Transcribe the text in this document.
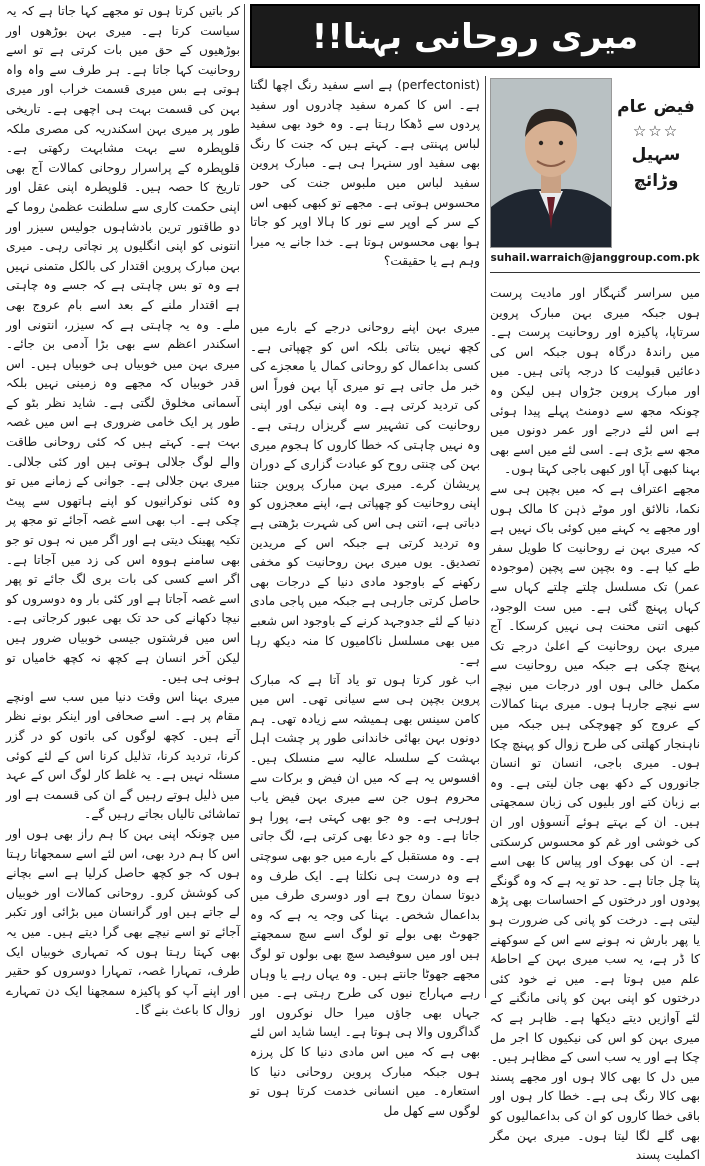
میری روحانی بہنا!!
فیض عام
☆☆☆
سہیل وڑائچ
suhail.warraich@janggroup.com.pk

میں سراسر گنہگار اور مادیت پرست ہوں جبکہ میری بہن مبارک پروین سرتاپا، پاکیزہ اور روحانیت پرست ہے۔ میں راندۂ درگاہ ہوں جبکہ اس کی دعائیں قبولیت کا درجہ پاتی ہیں۔ میں اور مبارک پروین جڑواں ہیں لیکن وہ چونکہ مجھ سے دومنٹ پہلے پیدا ہوئی ہے اس لئے درجے اور عمر دونوں میں مجھ سے بڑی ہے۔ اسی لئے میں اسے بھی بہنا کبھی آپا اور کبھی باجی کہتا ہوں۔

مجھے اعتراف ہے کہ میں بچپن ہی سے نکما، نالائق اور موٹے ذہن کا مالک ہوں اور مجھے یہ کہنے میں کوئی باک نہیں ہے کہ میری بہن نے روحانیت کا طویل سفر طے کیا ہے۔ وہ بچپن سے پچپن (موجودہ عمر) تک مسلسل چلتے چلتے کہاں سے کہاں پہنچ گئی ہے۔ میں ست الوجود، کبھی اتنی محنت ہی نہیں کرسکا۔ آج میری بہن روحانیت کے اعلیٰ درجے تک پہنچ چکی ہے جبکہ میں روحانیت سے مکمل خالی ہوں اور درجات میں نیچے سے نیچے جارہا ہوں۔ میری بہنا کمالات کے عروج کو چھوچکی ہیں جبکہ میں ناہنجار کھلتی کی طرح زوال کو پہنچ چکا ہوں۔ میری باجی، انسان تو انسان جانوروں کے دکھ بھی جان لیتی ہے۔ وہ بے زبان کتے اور بلیوں کی زبان سمجھتی ہیں۔ ان کے بہتے ہوئے آنسوؤں اور ان کی خوشی اور غم کو محسوس کرسکتی ہے۔ ان کی بھوک اور پیاس کا بھی اسے پتا چل جاتا ہے۔ حد تو یہ ہے کہ وہ گونگے پودوں اور درختوں کے احساسات بھی پڑھ لیتی ہے۔ درخت کو پانی کی ضرورت ہو یا پھر بارش نہ ہونے سے اس کے سوکھنے کا ڈر ہے، یہ سب میری بہن کے احاطۂ علم میں ہوتا ہے۔ میں نے خود کئی درختوں کو اپنی بہن کو پانی مانگنے کے لئے آوازیں دیتے دیکھا ہے۔ ظاہر ہے کہ میری بہن کو اس کی نیکیوں کا اجر مل چکا ہے اور یہ سب اسی کے مظاہر ہیں۔

میں دل کا بھی کالا ہوں اور مجھے پسند بھی کالا رنگ ہی ہے۔ خطا کار ہوں اور باقی خطا کاروں کو ان کی بداعمالیوں کو بھی گلے لگا لیتا ہوں۔ میری بہن مگر اکملیت پسند

(perfectonist) ہے اسے سفید رنگ اچھا لگتا ہے۔ اس کا کمرہ سفید چادروں اور سفید پردوں سے ڈھکا رہتا ہے۔ وہ خود بھی سفید لباس پہنتی ہے۔ کہتے ہیں کہ جنت کا رنگ بھی سفید اور سنہرا ہی ہے۔ مبارک پروین سفید لباس میں ملبوس جنت کی حور محسوس ہوتی ہے۔ مجھے تو کبھی کبھی اس کے سر کے اوپر سے نور کا ہالا اوپر کو جاتا ہوا بھی محسوس ہوتا ہے۔ خدا جانے یہ میرا وہم ہے یا حقیقت؟

میری بہن اپنے روحانی درجے کے بارے میں کچھ نہیں بتاتی بلکہ اس کو چھپاتی ہے۔ کسی بداعمال کو روحانی کمال یا معجزے کی خبر مل جاتی ہے تو میری آپا بہن فوراً اس کی تردید کرتی ہے۔ وہ اپنی نیکی اور اپنی روحانیت کی تشہیر سے گریزاں رہتی ہے۔ وہ نہیں چاہتی کہ خطا کاروں کا ہجوم میری بہن کی چنتی روح کو عبادت گزاری کے دوران پریشان کرے۔ میری بہن مبارک پروین جتنا اپنی روحانیت کو چھپاتی ہے، اپنے معجزوں کو دباتی ہے، اتنی ہی اس کی شہرت بڑھتی ہے وہ تردید کرتی ہے جبکہ اس کے مریدین تصدیق۔ یوں میری بہن روحانیت کو مخفی رکھنے کے باوجود مادی دنیا کے درجات بھی حاصل کرتی جارہی ہے جبکہ میں پاجی مادی دنیا کے لئے جدوجہد کرنے کے باوجود اس شعبے میں بھی مسلسل ناکامیوں کا منہ دیکھ رہا ہے۔

اب غور کرتا ہوں تو یاد آتا ہے کہ مبارک پروین بچپن ہی سے سیانی تھی۔ اس میں کامن سینس بھی ہمیشہ سے زیادہ تھی۔ ہم دونوں بہن بھائی خاندانی طور پر چشت اہل بہشت کے سلسلہ عالیہ سے منسلک ہیں۔ افسوس یہ ہے کہ میں ان فیض و برکات سے محروم ہوں جن سے میری بہن فیض یاب ہورہی ہے۔ وہ جو بھی کہتی ہے، پورا ہو جاتا ہے۔ وہ جو دعا بھی کرتی ہے، لگ جاتی ہے۔ وہ مستقبل کے بارے میں جو بھی سوچتی ہے وہ درست ہی نکلتا ہے۔ ایک طرف وہ دیوتا سمان روح ہے اور دوسری طرف میں بداعمال شخص۔ بہنا کی وجہ یہ ہے کہ وہ جھوٹ بھی بولے تو لوگ اسے سچ سمجھتے ہیں اور میں سوفیصد سچ بھی بولوں تو لوگ مجھے جھوٹا جانتے ہیں۔ وہ یہاں رہے یا وہاں رہے مہاراج نیوں کی طرح رہتی ہے۔ میں جہاں بھی جاؤں میرا حال نوکروں اور گداگروں والا ہی ہوتا ہے۔ ایسا شاید اس لئے بھی ہے کہ میں اس مادی دنیا کا کل پرزہ ہوں جبکہ مبارک پروین روحانی دنیا کا استعارہ۔ میں انسانی خدمت کرتا ہوں تو لوگوں سے کھل مل

کر باتیں کرتا ہوں تو مجھے کہا جاتا ہے کہ یہ سیاست کرتا ہے۔ میری بہن بوڑھوں اور بوڑھیوں کے حق میں بات کرتی ہے تو اسے روحانیت کہا جاتا ہے۔ ہر طرف سے واہ واہ ہوتی ہے بس میری قسمت خراب اور میری بہن کی قسمت بہت ہی اچھی ہے۔ تاریخی طور پر میری بہن اسکندریہ کی مصری ملکہ قلوپطرہ سے بہت مشابہت رکھتی ہے۔ قلوپطرہ کے پراسرار روحانی کمالات آج بھی تاریخ کا حصہ ہیں۔ قلوپطرہ اپنی عقل اور اپنی حکمت کاری سے سلطنت عظمیٰ روما کے دو طاقتور ترین بادشاہوں جولیس سیزر اور انتونی کو اپنی انگلیوں پر نچاتی رہی۔ میری بہن مبارک پروین اقتدار کی بالکل متمنی نہیں ہے وہ تو بس چاہتی ہے کہ جسے وہ چاہتی ہے اقتدار ملنے کے بعد اسے بام عروج بھی ملے۔ وہ یہ چاہتی ہے کہ سیزر، انتونی اور اسکندر اعظم سے بھی بڑا آدمی بن جائے۔ میری بہن میں خوبیاں ہی خوبیاں ہیں۔ اس قدر خوبیاں کہ مجھے وہ زمینی نہیں بلکہ آسمانی مخلوق لگتی ہے۔ شاید نظر بٹو کے طور پر ایک خامی ضروری ہے اس میں غصہ بہت ہے۔ کہتے ہیں کہ کئی روحانی طاقت والے لوگ جلالی ہوتی ہیں اور کئی جلالی۔ میری بہن جلالی ہے۔ جوانی کے زمانے میں تو وہ کئی نوکرانیوں کو اپنے ہاتھوں سے پیٹ چکی ہے۔ اب بھی اسے غصہ آجائے تو مجھ پر تکیہ پھینک دیتی ہے اور اگر میں نہ ہوں تو جو بھی سامنے ہووہ اس کی زد میں آجاتا ہے۔ اگر اسے کسی کی بات بری لگ جائے تو پھر اسے غصہ آجاتا ہے اور کئی بار وہ دوسروں کو نیچا دکھانے کی حد تک بھی عبور کرجاتی ہے۔ اس میں فرشتوں جیسی خوبیاں ضرور ہیں لیکن آخر انسان ہے کچھ نہ کچھ خامیاں تو ہونی ہی ہیں۔

میری بہنا اس وقت دنیا میں سب سے اونچے مقام پر ہے۔ اسے صحافی اور اینکر بونے نظر آتے ہیں۔ کچھ لوگوں کی باتوں کو در گزر کرنا، تردید کرنا، تذلیل کرنا اس کے لئے کوئی مسئلہ نہیں ہے۔ یہ غلط کار لوگ اس کے عہد میں ذلیل ہوتے رہیں گے ان کی قسمت ہے اور تماشائی تالیاں بجاتے رہیں گے۔

میں چونکہ اپنی بہن کا ہم راز بھی ہوں اور اس کا ہم درد بھی، اس لئے اسے سمجھاتا رہتا ہوں کہ جو کچھ حاصل کرلیا ہے اسے بچانے کی کوشش کرو۔ روحانی کمالات اور خوبیاں لے جاتے ہیں اور گرانسان میں بڑائی اور تکبر آجائے تو اسے نیچے بھی گرا دیتے ہیں۔ میں یہ بھی کہتا رہتا ہوں کہ تمہاری خوبیاں ایک طرف، تمہارا غصہ، تمہارا دوسروں کو حقیر اور اپنے آپ کو پاکیزہ سمجھنا ایک دن تمہارے زوال کا باعث بنے گا۔
